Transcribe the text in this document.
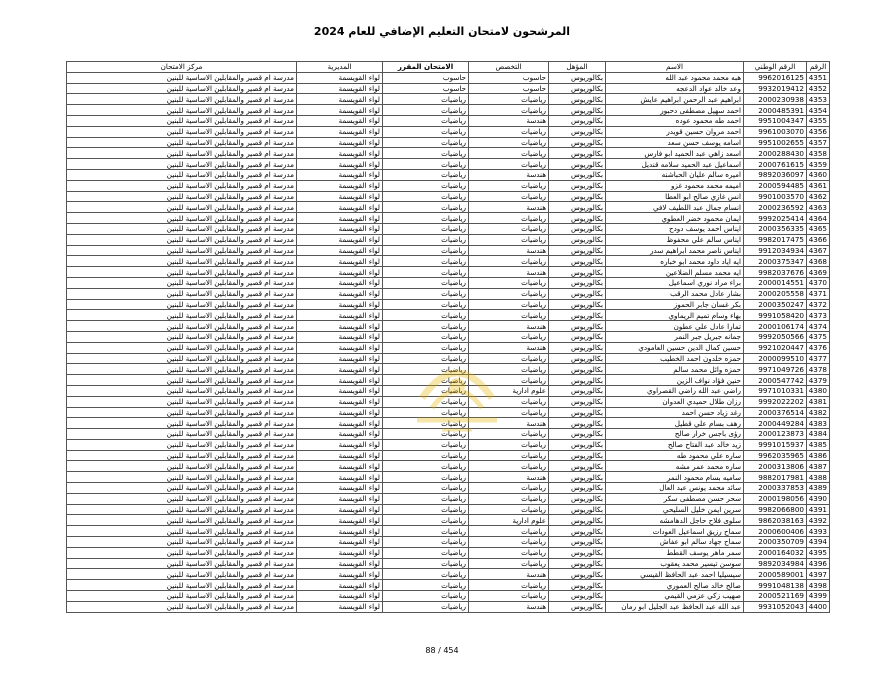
المرشحون لامتحان التعليم الإضافي للعام 2024
الرقم	الرقم الوطني	الاسم	المؤهل	التخصص	الامتحان المقرر	المديرية	مركز الامتحان
4351	9962016125	هبه محمد محمود عبد الله	بكالوريوس	حاسوب	حاسوب	لواء القويسمة	مدرسة ام قصير والمقابلين الاساسية للبنين
4352	9932019412	وعد خالد عواد الدعجه	بكالوريوس	حاسوب	حاسوب	لواء القويسمة	مدرسة ام قصير والمقابلين الاساسية للبنين
4353	2000230938	ابراهيم عبد الرحمن ابراهيم عايش	بكالوريوس	رياضيات	رياضيات	لواء القويسمة	مدرسة ام قصير والمقابلين الاساسية للبنين
4354	2000485391	احمد سهيل مصطفى دحبور	بكالوريوس	رياضيات	رياضيات	لواء القويسمة	مدرسة ام قصير والمقابلين الاساسية للبنين
4355	9951004347	احمد طه محمود عوده	بكالوريوس	هندسة	رياضيات	لواء القويسمة	مدرسة ام قصير والمقابلين الاساسية للبنين
4356	9961003070	احمد مروان حسين قويدر	بكالوريوس	رياضيات	رياضيات	لواء القويسمة	مدرسة ام قصير والمقابلين الاساسية للبنين
4357	9951002655	اسامه يوسف حسن سعد	بكالوريوس	رياضيات	رياضيات	لواء القويسمة	مدرسة ام قصير والمقابلين الاساسية للبنين
4358	2000288430	اسعد زاهي عبد الحميد ابو فارس	بكالوريوس	رياضيات	رياضيات	لواء القويسمة	مدرسة ام قصير والمقابلين الاساسية للبنين
4359	2000761615	اسماعيل عبد الحميد سلامه قنديل	بكالوريوس	رياضيات	رياضيات	لواء القويسمة	مدرسة ام قصير والمقابلين الاساسية للبنين
4360	9892036097	اميره سالم عليان الحباشنه	بكالوريوس	هندسة	رياضيات	لواء القويسمة	مدرسة ام قصير والمقابلين الاساسية للبنين
4361	2000594485	اميمه محمد محمود غزو	بكالوريوس	رياضيات	رياضيات	لواء القويسمة	مدرسة ام قصير والمقابلين الاساسية للبنين
4362	9901003570	انس غازي صالح ابو العطا	بكالوريوس	رياضيات	رياضيات	لواء القويسمة	مدرسة ام قصير والمقابلين الاساسية للبنين
4363	2000236592	انسام جمال عبد اللطيف لافي	بكالوريوس	هندسة	رياضيات	لواء القويسمة	مدرسة ام قصير والمقابلين الاساسية للبنين
4364	9992025414	ايمان محمود خضر العطوي	بكالوريوس	رياضيات	رياضيات	لواء القويسمة	مدرسة ام قصير والمقابلين الاساسية للبنين
4365	2000356335	ايناس احمد يوسف دودح	بكالوريوس	رياضيات	رياضيات	لواء القويسمة	مدرسة ام قصير والمقابلين الاساسية للبنين
4366	9982017475	ايناس سالم علي محفوظ	بكالوريوس	رياضيات	رياضيات	لواء القويسمة	مدرسة ام قصير والمقابلين الاساسية للبنين
4367	9912034934	ايناس ناصر محمد ابراهيم سدر	بكالوريوس	هندسة	رياضيات	لواء القويسمة	مدرسة ام قصير والمقابلين الاساسية للبنين
4368	2000375347	ايه اياد داود محمد ابو خباره	بكالوريوس	رياضيات	رياضيات	لواء القويسمة	مدرسة ام قصير والمقابلين الاساسية للبنين
4369	9982037676	ايه محمد مسلم الضلاعين	بكالوريوس	هندسة	رياضيات	لواء القويسمة	مدرسة ام قصير والمقابلين الاساسية للبنين
4370	2000014551	براء مراد نوري اسماعيل	بكالوريوس	رياضيات	رياضيات	لواء القويسمة	مدرسة ام قصير والمقابلين الاساسية للبنين
4371	2000205558	بشار عادل محمد الرقب	بكالوريوس	رياضيات	رياضيات	لواء القويسمة	مدرسة ام قصير والمقابلين الاساسية للبنين
4372	2000350247	بكر غسان جابر الحموز	بكالوريوس	رياضيات	رياضيات	لواء القويسمة	مدرسة ام قصير والمقابلين الاساسية للبنين
4373	9991058420	بهاء وسام تميم الريماوي	بكالوريوس	رياضيات	رياضيات	لواء القويسمة	مدرسة ام قصير والمقابلين الاساسية للبنين
4374	2000106174	تمارا عادل علي عطون	بكالوريوس	هندسة	رياضيات	لواء القويسمة	مدرسة ام قصير والمقابلين الاساسية للبنين
4375	9992050566	جمانه جبريل جبر النمر	بكالوريوس	رياضيات	رياضيات	لواء القويسمة	مدرسة ام قصير والمقابلين الاساسية للبنين
4376	9921020447	حسين كمال الدين حسين العامودي	بكالوريوس	هندسة	رياضيات	لواء القويسمة	مدرسة ام قصير والمقابلين الاساسية للبنين
4377	2000099510	حمزه خلدون احمد الخطيب	بكالوريوس	رياضيات	رياضيات	لواء القويسمة	مدرسة ام قصير والمقابلين الاساسية للبنين
4378	9971049726	حمزه وائل محمد سالم	بكالوريوس	رياضيات	رياضيات	لواء القويسمة	مدرسة ام قصير والمقابلين الاساسية للبنين
4379	2000547742	حنين فؤاد نواف الزين	بكالوريوس	رياضيات	رياضيات	لواء القويسمة	مدرسة ام قصير والمقابلين الاساسية للبنين
4380	9971010331	راضي عبد الله راضي القصراوي	بكالوريوس	علوم ادارية	رياضيات	لواء القويسمة	مدرسة ام قصير والمقابلين الاساسية للبنين
4381	9992022202	رزان طلال حميدي العدوان	بكالوريوس	رياضيات	رياضيات	لواء القويسمة	مدرسة ام قصير والمقابلين الاساسية للبنين
4382	2000376514	رغد زياد حسن احمد	بكالوريوس	رياضيات	رياضيات	لواء القويسمة	مدرسة ام قصير والمقابلين الاساسية للبنين
4383	2000449284	رهف بسام علي قطيل	بكالوريوس	هندسة	رياضيات	لواء القويسمة	مدرسة ام قصير والمقابلين الاساسية للبنين
4384	2000123873	رؤى باجس خرار صالح	بكالوريوس	رياضيات	رياضيات	لواء القويسمة	مدرسة ام قصير والمقابلين الاساسية للبنين
4385	9991015937	زيد خالد عبد الفتاح صالح	بكالوريوس	رياضيات	رياضيات	لواء القويسمة	مدرسة ام قصير والمقابلين الاساسية للبنين
4386	9962035965	ساره علي محمود طه	بكالوريوس	رياضيات	رياضيات	لواء القويسمة	مدرسة ام قصير والمقابلين الاساسية للبنين
4387	2000313806	ساره محمد عمر مشه	بكالوريوس	رياضيات	رياضيات	لواء القويسمة	مدرسة ام قصير والمقابلين الاساسية للبنين
4388	9882017981	ساميه بسام محمود النمر	بكالوريوس	هندسة	رياضيات	لواء القويسمة	مدرسة ام قصير والمقابلين الاساسية للبنين
4389	2000337853	سائد محمد يونس عبد العال	بكالوريوس	رياضيات	رياضيات	لواء القويسمة	مدرسة ام قصير والمقابلين الاساسية للبنين
4390	2000198056	سحر حسن مصطفى سكر	بكالوريوس	رياضيات	رياضيات	لواء القويسمة	مدرسة ام قصير والمقابلين الاساسية للبنين
4391	9982066800	سرين ايمن خليل السليحي	بكالوريوس	رياضيات	رياضيات	لواء القويسمة	مدرسة ام قصير والمقابلين الاساسية للبنين
4392	9862038163	سلوى فلاح حاجل الدهامشه	بكالوريوس	علوم ادارية	رياضيات	لواء القويسمة	مدرسة ام قصير والمقابلين الاساسية للبنين
4393	2000600406	سماح رزيق اسماعيل العودات	بكالوريوس	رياضيات	رياضيات	لواء القويسمة	مدرسة ام قصير والمقابلين الاساسية للبنين
4394	2000350709	سماح جهاد سالم ابو عفاش	بكالوريوس	رياضيات	رياضيات	لواء القويسمة	مدرسة ام قصير والمقابلين الاساسية للبنين
4395	2000164032	سمر ماهر يوسف القطط	بكالوريوس	رياضيات	رياضيات	لواء القويسمة	مدرسة ام قصير والمقابلين الاساسية للبنين
4396	9892034984	سوسن تيسير محمد يعقوب	بكالوريوس	رياضيات	رياضيات	لواء القويسمة	مدرسة ام قصير والمقابلين الاساسية للبنين
4397	2000589001	سيسيليا احمد عبد الحافظ القيسي	بكالوريوس	هندسة	رياضيات	لواء القويسمة	مدرسة ام قصير والمقابلين الاساسية للبنين
4398	9991048138	صالح خالد صالح العموري	بكالوريوس	رياضيات	رياضيات	لواء القويسمة	مدرسة ام قصير والمقابلين الاساسية للبنين
4399	2000521169	صهيب زكي عزمي القيمي	بكالوريوس	رياضيات	رياضيات	لواء القويسمة	مدرسة ام قصير والمقابلين الاساسية للبنين
4400	9931052043	عبد الله عبد الحافظ عبد الجليل ابو رمان	بكالوريوس	هندسة	رياضيات	لواء القويسمة	مدرسة ام قصير والمقابلين الاساسية للبنين
88 / 454
